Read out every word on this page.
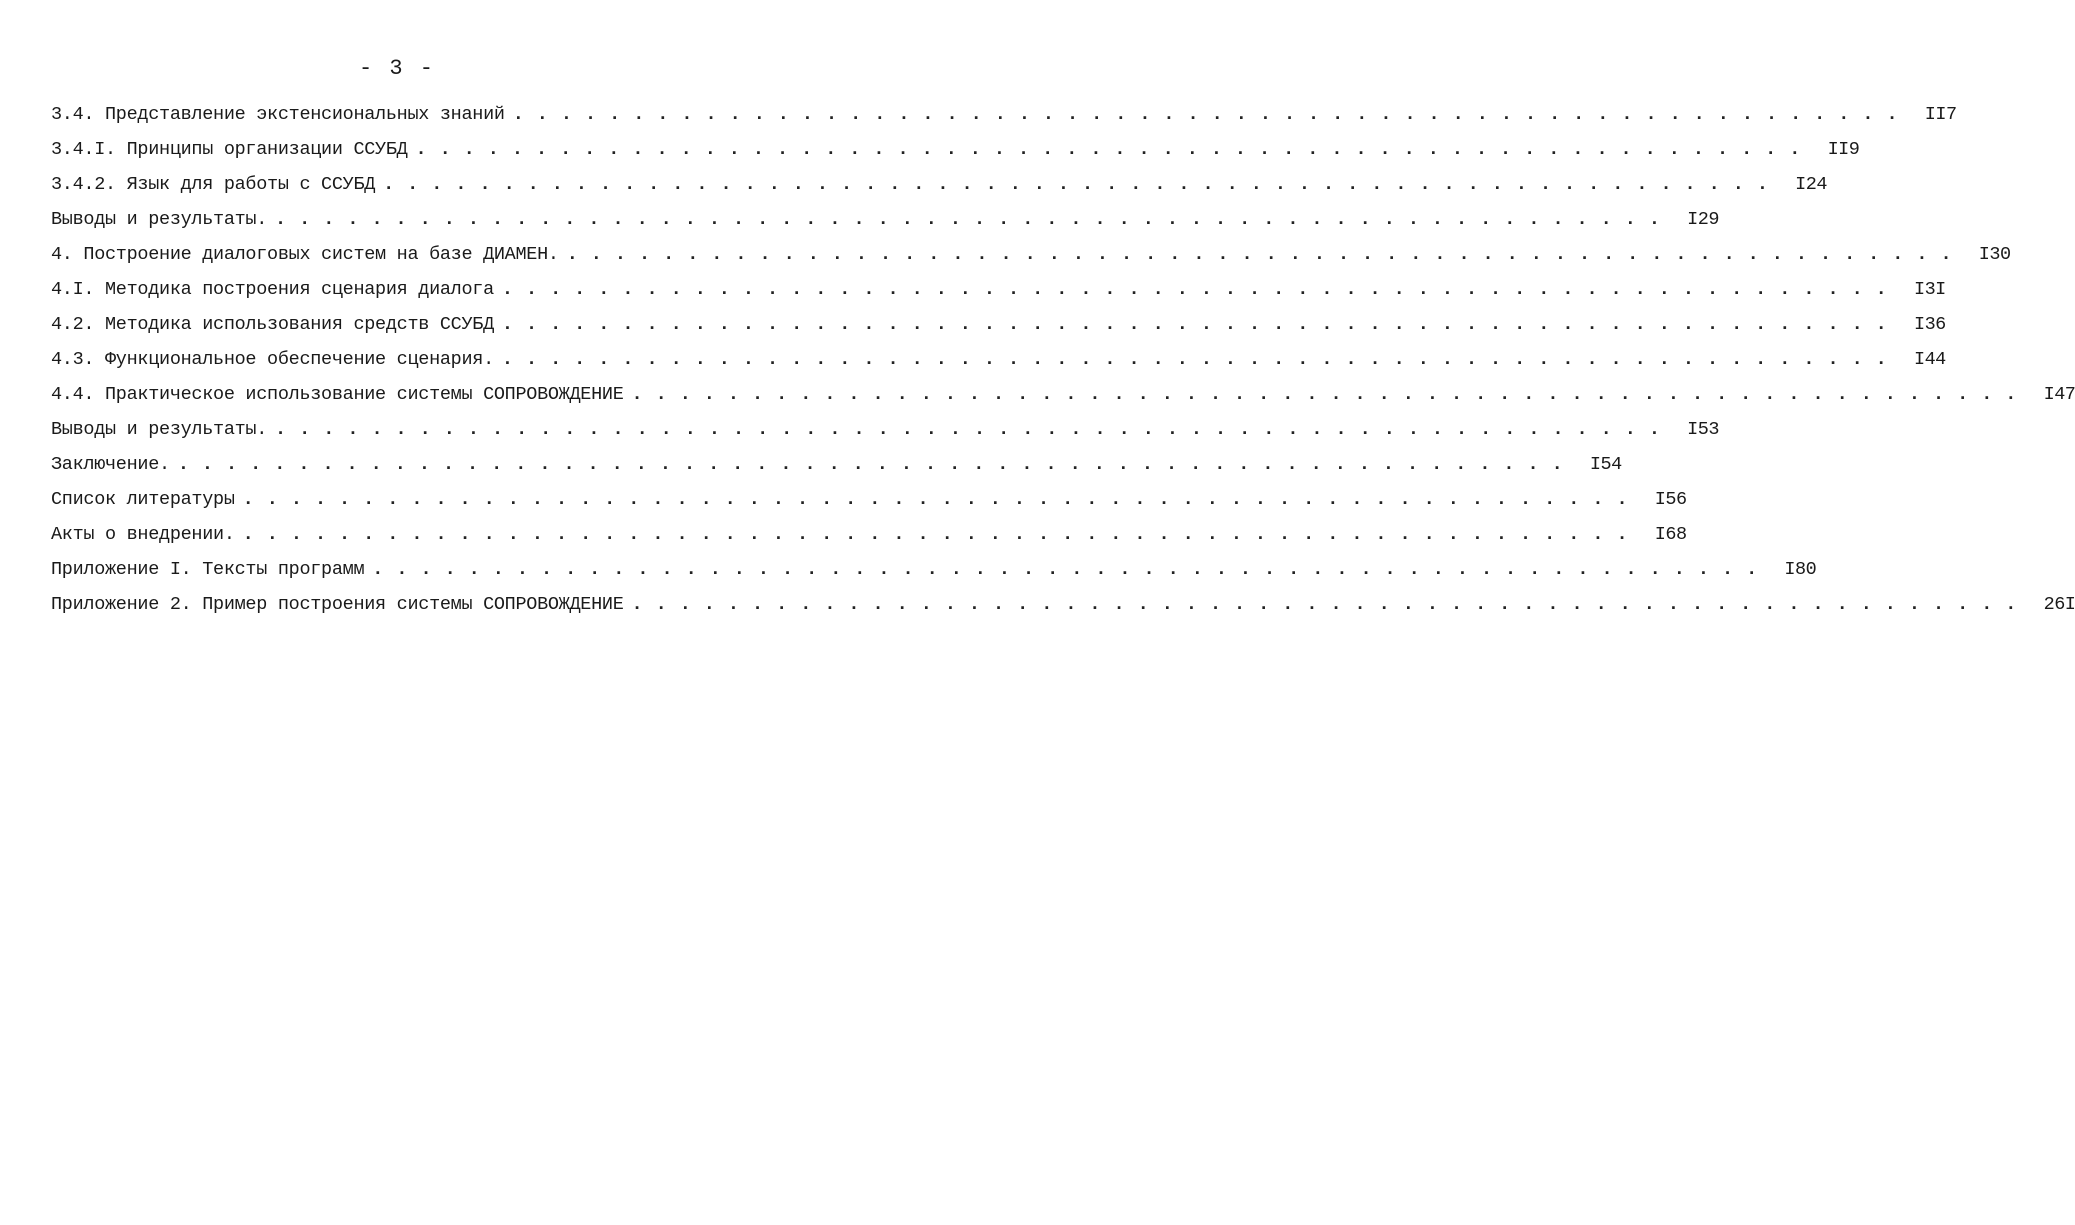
- 3 -
3.4. Представление экстенсиональных знаний .......................................................... II7
3.4.I. Принципы организации ССУБД .......................................................... II9
3.4.2. Язык для работы с ССУБД .......................................................... I24
Выводы и результаты. .......................................................... I29
4. Построение диалоговых систем на базе ДИАМЕН. .......................................................... I30
4.I. Методика построения сценария диалога .......................................................... I3I
4.2. Методика использования средств ССУБД .......................................................... I36
4.3. Функциональное обеспечение сценария. .......................................................... I44
4.4. Практическое использование системы СОПРОВОЖДЕНИЕ .......................................................... I47
Выводы и результаты. .......................................................... I53
Заключение. .......................................................... I54
Список литературы .......................................................... I56
Акты о внедрении. .......................................................... I68
Приложение I. Тексты программ .......................................................... I80
Приложение 2. Пример построения системы СОПРОВОЖДЕНИЕ .......................................................... 26I
